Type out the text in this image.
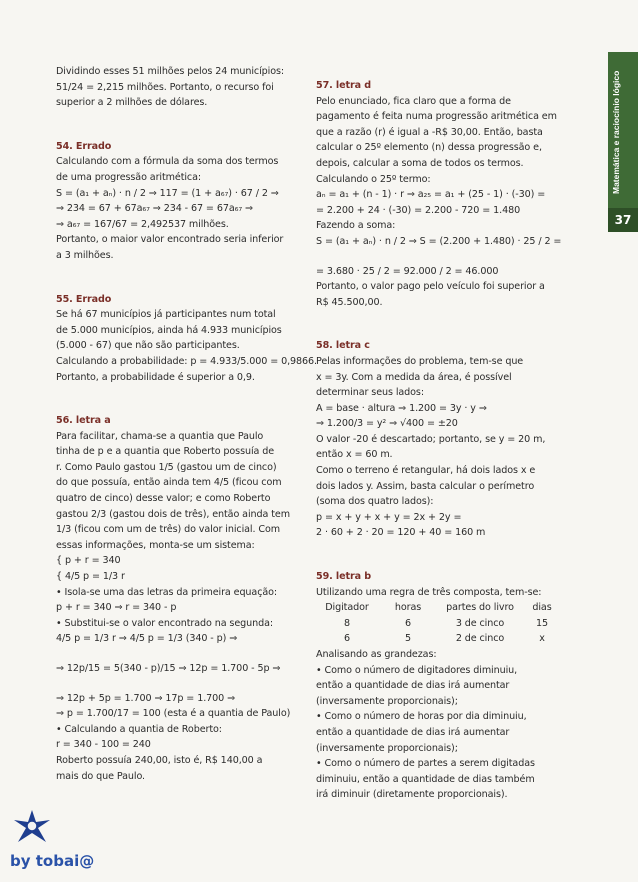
Matemática e raciocínio lógico
37
Dividindo esses 51 milhões pelos 24 municípios:
51/24 = 2,215 milhões. Portanto, o recurso foi
superior a 2 milhões de dólares.
54. Errado
Calculando com a fórmula da soma dos termos
de uma progressão aritmética:
S = (a₁ + aₙ) · n / 2 ⇒ 117 = (1 + a₆₇) · 67 / 2 ⇒
⇒ 234 = 67 + 67a₆₇ ⇒ 234 - 67 = 67a₆₇ ⇒
⇒ a₆₇ = 167/67 = 2,492537 milhões.
Portanto, o maior valor encontrado seria inferior
a 3 milhões.
55. Errado
Se há 67 municípios já participantes num total
de 5.000 municípios, ainda há 4.933 municípios
(5.000 - 67) que não são participantes.
Calculando a probabilidade: p = 4.933/5.000 = 0,9866.
Portanto, a probabilidade é superior a 0,9.
56. letra a
Para facilitar, chama-se a quantia que Paulo
tinha de p e a quantia que Roberto possuía de
r. Como Paulo gastou 1/5 (gastou um de cinco)
do que possuía, então ainda tem 4/5 (ficou com
quatro de cinco) desse valor; e como Roberto
gastou 2/3 (gastou dois de três), então ainda tem
1/3 (ficou com um de três) do valor inicial. Com
essas informações, monta-se um sistema:
{ p + r = 340
{ 4/5 p = 1/3 r
• Isola-se uma das letras da primeira equação:
p + r = 340 ⇒ r = 340 - p
• Substitui-se o valor encontrado na segunda:
4/5 p = 1/3 r ⇒ 4/5 p = 1/3 (340 - p) ⇒
⇒ 12p/15 = 5(340 - p)/15 ⇒ 12p = 1.700 - 5p ⇒
⇒ 12p + 5p = 1.700 ⇒ 17p = 1.700 ⇒
⇒ p = 1.700/17 = 100 (esta é a quantia de Paulo)
• Calculando a quantia de Roberto:
r = 340 - 100 = 240
Roberto possuía 240,00, isto é, R$ 140,00 a
mais do que Paulo.
57. letra d
Pelo enunciado, fica claro que a forma de
pagamento é feita numa progressão aritmética em
que a razão (r) é igual a -R$ 30,00. Então, basta
calcular o 25º elemento (n) dessa progressão e,
depois, calcular a soma de todos os termos.
Calculando o 25º termo:
aₙ = a₁ + (n - 1) · r ⇒ a₂₅ = a₁ + (25 - 1) · (-30) =
= 2.200 + 24 · (-30) = 2.200 - 720 = 1.480
Fazendo a soma:
S = (a₁ + aₙ) · n / 2 ⇒ S = (2.200 + 1.480) · 25 / 2 =
= 3.680 · 25 / 2 = 92.000 / 2 = 46.000
Portanto, o valor pago pelo veículo foi superior a
R$ 45.500,00.
58. letra c
Pelas informações do problema, tem-se que
x = 3y. Com a medida da área, é possível
determinar seus lados:
A = base · altura ⇒ 1.200 = 3y · y ⇒
⇒ 1.200/3 = y² ⇒ √400 = ±20
O valor -20 é descartado; portanto, se y = 20 m,
então x = 60 m.
Como o terreno é retangular, há dois lados x e
dois lados y. Assim, basta calcular o perímetro
(soma dos quatro lados):
p = x + y + x + y = 2x + 2y =
2 · 60 + 2 · 20 = 120 + 40 = 160 m
59. letra b
Utilizando uma regra de três composta, tem-se:
Digitador	horas	partes do livro	dias
8	6	3 de cinco	15
6	5	2 de cinco	x
Analisando as grandezas:
• Como o número de digitadores diminuiu,
então a quantidade de dias irá aumentar
(inversamente proporcionais);
• Como o número de horas por dia diminuiu,
então a quantidade de dias irá aumentar
(inversamente proporcionais);
• Como o número de partes a serem digitadas
diminuiu, então a quantidade de dias também
irá diminuir (diretamente proporcionais).
by tobai@
